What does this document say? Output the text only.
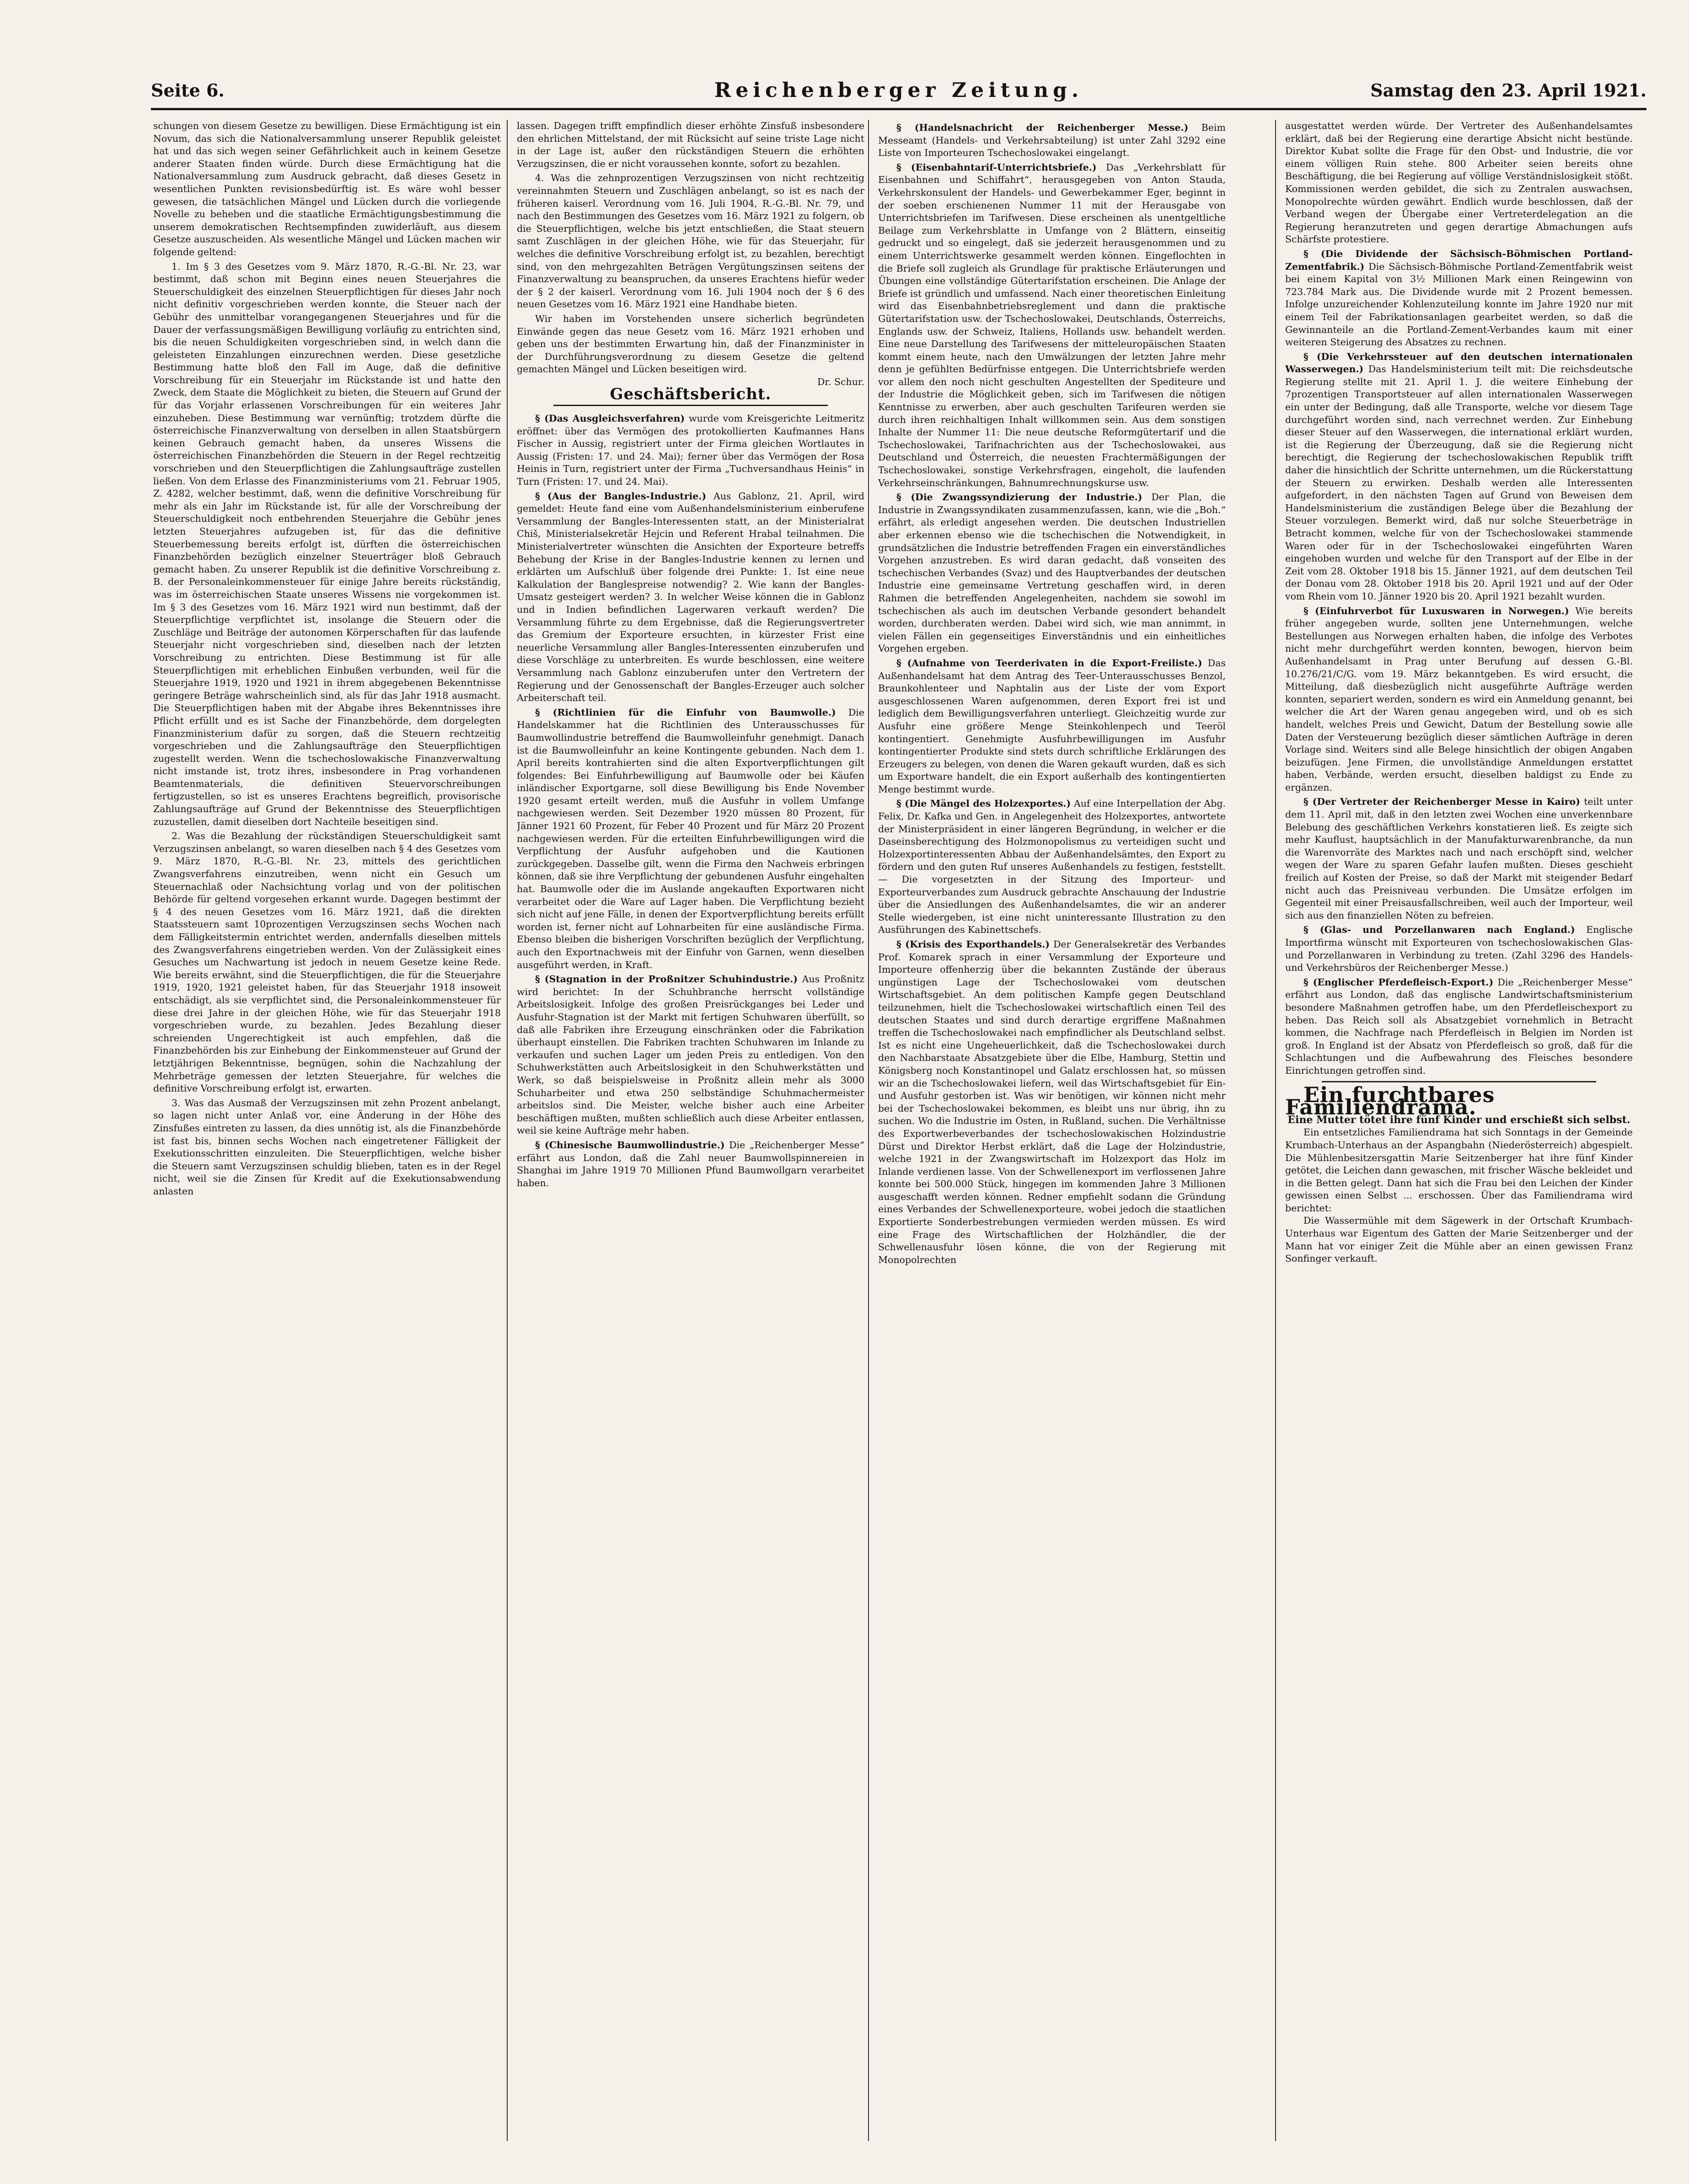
Reichenberger Zeitung.
Seite 6.	Samstag den 23. April 1921.

schungen von diesem Gesetze zu bewilligen. Diese Ermächtigung ist ein Novum, das sich die Nationalversammlung unserer Republik geleistet hat und das sich wegen seiner Gefährlichkeit auch in keinem Gesetze anderer Staaten finden würde. Durch diese Ermächtigung hat die Nationalversammlung zum Ausdruck gebracht, daß dieses Gesetz in wesentlichen Punkten revisionsbedürftig ist. Es wäre wohl besser gewesen, die tatsächlichen Mängel und Lücken durch die vorliegende Novelle zu beheben und die staatliche Ermächtigungsbestimmung die unserem demokratischen Rechtsempfinden zuwiderläuft, aus diesem Gesetze auszuscheiden. Als wesentliche Mängel und Lücken machen wir folgende geltend:

1. Im § 3 des Gesetzes vom 9. März 1870, R.-G.-Bl. Nr. 23, war bestimmt, daß schon mit Beginn eines neuen Steuerjahres die Steuerschuldigkeit des einzelnen Steuerpflichtigen für dieses Jahr noch nicht definitiv vorgeschrieben werden konnte, die Steuer nach der Gebühr des unmittelbar vorangegangenen Steuerjahres und für die Dauer der verfassungsmäßigen Bewilligung vorläufig zu entrichten sind, bis die neuen Schuldigkeiten vorgeschrieben sind, in welch dann die geleisteten Einzahlungen einzurechnen werden. Diese gesetzliche Bestimmung hatte bloß den Fall im Auge, daß die definitive Vorschreibung für ein Steuerjahr im Rückstande ist und hatte den Zweck, dem Staate die Möglichkeit zu bieten, die Steuern auf Grund der für das Vorjahr erlassenen Vorschreibungen für ein weiteres Jahr einzuheben. Diese Bestimmung war vernünftig; trotzdem dürfte die österreichische Finanzverwaltung von derselben in allen Staatsbürgern keinen Gebrauch gemacht haben, da unseres Wissens die österreichischen Finanzbehörden die Steuern in der Regel rechtzeitig vorschrieben und den Steuerpflichtigen die Zahlungsaufträge zustellen ließen. Von dem Erlasse des Finanzministeriums vom 21. Februar 1905, Z. 4282, welcher bestimmt, daß, wenn die definitive Vorschreibung für mehr als ein Jahr im Rückstande ist, für alle der Vorschreibung der Steuerschuldigkeit noch entbehrenden Steuerjahre die Gebühr jenes letzten Steuerjahres aufzugeben ist, für das die definitive Steuerbemessung bereits erfolgt ist, dürften die österreichischen Finanzbehörden bezüglich einzelner Steuerträger bloß Gebrauch gemacht haben. Zu unserer Republik ist die definitive Vorschreibung z. B. der Personaleinkommensteuer für einige Jahre bereits rückständig, was im österreichischen Staate unseres Wissens nie vorgekommen ist. Im § 3 des Gesetzes vom 16. März 1921 wird nun bestimmt, daß der Steuerpflichtige verpflichtet ist, insolange die Steuern oder die Zuschläge und Beiträge der autonomen Körperschaften für das laufende Steuerjahr nicht vorgeschrieben sind, dieselben nach der letzten Vorschreibung zu entrichten. Diese Bestimmung ist für alle Steuerpflichtigen mit erheblichen Einbußen verbunden, weil für die Steuerjahre 1919, 1920 und 1921 in ihrem abgegebenen Bekenntnisse geringere Beträge wahrscheinlich sind, als für das Jahr 1918 ausmacht. Die Steuerpflichtigen haben mit der Abgabe ihres Bekenntnisses ihre Pflicht erfüllt und es ist Sache der Finanzbehörde, dem dorgelegten Finanzministerium dafür zu sorgen, daß die Steuern rechtzeitig vorgeschrieben und die Zahlungsaufträge den Steuerpflichtigen zugestellt werden. Wenn die tschechoslowakische Finanzverwaltung nicht imstande ist, trotz ihres, insbesondere in Prag vorhandenen Beamtenmaterials, die definitiven Steuervorschreibungen fertigzustellen, so ist es unseres Erachtens begreiflich, provisorische Zahlungsaufträge auf Grund der Bekenntnisse des Steuerpflichtigen zuzustellen, damit dieselben dort Nachteile beseitigen sind.

2. Was die Bezahlung der rückständigen Steuerschuldigkeit samt Verzugszinsen anbelangt, so waren dieselben nach § 4 des Gesetzes vom 9. März 1870, R.-G.-Bl. Nr. 23, mittels des gerichtlichen Zwangsverfahrens einzutreiben, wenn nicht ein Gesuch um Steuernachlaß oder Nachsichtung vorlag und von der politischen Behörde für geltend vorgesehen erkannt wurde. Dagegen bestimmt der § 4 des neuen Gesetzes vom 16. März 1921, daß die direkten Staatssteuern samt 10prozentigen Verzugszinsen sechs Wochen nach dem Fälligkeitstermin entrichtet werden, andernfalls dieselben mittels des Zwangsverfahrens eingetrieben werden. Von der Zulässigkeit eines Gesuches um Nachwartung ist jedoch in neuem Gesetze keine Rede. Wie bereits erwähnt, sind die Steuerpflichtigen, die für die Steuerjahre 1919, 1920, 1921 geleistet haben, für das Steuerjahr 1918 insoweit entschädigt, als sie verpflichtet sind, die Personaleinkommensteuer für diese drei Jahre in der gleichen Höhe, wie für das Steuerjahr 1918 vorgeschrieben wurde, zu bezahlen. Jedes Bezahlung dieser schreienden Ungerechtigkeit ist auch empfehlen, daß die Finanzbehörden bis zur Einhebung der Einkommensteuer auf Grund der letztjährigen Bekenntnisse, begnügen, sohin die Nachzahlung der Mehrbeträge gemessen der letzten Steuerjahre, für welches die definitive Vorschreibung erfolgt ist, erwarten.

3. Was das Ausmaß der Verzugszinsen mit zehn Prozent anbelangt, so lagen nicht unter Anlaß vor, eine Änderung in der Höhe des Zinsfußes eintreten zu lassen, da dies unnötig ist, als die Finanzbehörde ist fast bis, binnen sechs Wochen nach eingetretener Fälligkeit der Exekutionsschritten einzuleiten. Die Steuerpflichtigen, welche bisher die Steuern samt Verzugszinsen schuldig blieben, taten es in der Regel nicht, weil sie die Zinsen für Kredit auf die Exekutionsabwendung anlasten

lassen. Dagegen trifft empfindlich dieser erhöhte Zinsfuß insbesondere den ehrlichen Mittelstand, der mit Rücksicht auf seine triste Lage nicht in der Lage ist, außer den rückständigen Steuern die erhöhten Verzugszinsen, die er nicht voraussehen konnte, sofort zu bezahlen.

4. Was die zehnprozentigen Verzugszinsen von nicht rechtzeitig vereinnahmten Steuern und Zuschlägen anbelangt, so ist es nach der früheren kaiserl. Verordnung vom 16. Juli 1904, R.-G.-Bl. Nr. 79, und nach den Bestimmungen des Gesetzes vom 16. März 1921 zu folgern, ob die Steuerpflichtigen, welche bis jetzt entschließen, die Staat steuern samt Zuschlägen in der gleichen Höhe, wie für das Steuerjahr, für welches die definitive Vorschreibung erfolgt ist, zu bezahlen, berechtigt sind, von den mehrgezahlten Beträgen Vergütungszinsen seitens der Finanzverwaltung zu beanspruchen, da unseres Erachtens hiefür weder der § 2 der kaiserl. Verordnung vom 16. Juli 1904 noch der § 6 des neuen Gesetzes vom 16. März 1921 eine Handhabe bieten.

Wir haben im Vorstehenden unsere sicherlich begründeten Einwände gegen das neue Gesetz vom 16. März 1921 erhoben und geben uns der bestimmten Erwartung hin, daß der Finanzminister in der Durchführungsverordnung zu diesem Gesetze die geltend gemachten Mängel und Lücken beseitigen wird.

Dr. Schur.

Geschäftsbericht.

§ (Das Ausgleichsverfahren) wurde vom Kreisgerichte Leitmeritz eröffnet: über das Vermögen des protokollierten Kaufmannes Hans Fischer in Aussig, registriert unter der Firma gleichen Wortlautes in Aussig (Fristen: 17. und 24. Mai); ferner über das Vermögen der Rosa Heinis in Turn, registriert unter der Firma „Tuchversandhaus Heinis“ in Turn (Fristen: 17. und 24. Mai).

§ (Aus der Bangles-Industrie.) Aus Gablonz, 21. April, wird gemeldet: Heute fand eine vom Außenhandelsministerium einberufene Versammlung der Bangles-Interessenten statt, an der Ministerialrat Chiš, Ministerialsekretär Hejcin und Referent Hrabal teilnahmen. Die Ministerialvertreter wünschten die Ansichten der Exporteure betreffs Behebung der Krise in der Bangles-Industrie kennen zu lernen und erklärten um Aufschluß über folgende drei Punkte: 1. Ist eine neue Kalkulation der Banglespreise notwendig? 2. Wie kann der Bangles-Umsatz gesteigert werden? 3. In welcher Weise können die in Gablonz und in Indien befindlichen Lagerwaren verkauft werden? Die Versammlung führte zu dem Ergebnisse, daß die Regierungsvertreter das Gremium der Exporteure ersuchten, in kürzester Frist eine neuerliche Versammlung aller Bangles-Interessenten einzuberufen und diese Vorschläge zu unterbreiten. Es wurde beschlossen, eine weitere Versammlung nach Gablonz einzuberufen unter den Vertretern der Regierung und der Genossenschaft der Bangles-Erzeuger auch solcher Arbeiterschaft teil.

§ (Richtlinien für die Einfuhr von Baumwolle.) Die Handelskammer hat die Richtlinien des Unterausschusses für Baumwollindustrie betreffend die Baumwolleinfuhr genehmigt. Danach ist die Baumwolleinfuhr an keine Kontingente gebunden. Nach dem 1. April bereits kontrahierten sind die alten Exportverpflichtungen gilt folgendes: Bei Einfuhrbewilligung auf Baumwolle oder bei Käufen inländischer Exportgarne, soll diese Bewilligung bis Ende November 1920 gesamt erteilt werden, muß die Ausfuhr in vollem Umfange nachgewiesen werden. Seit Dezember 1920 müssen 80 Prozent, für Jänner 1921 60 Prozent, für Feber 40 Prozent und für März 20 Prozent nachgewiesen werden. Für die erteilten Einfuhrbewilligungen wird die Verpflichtung der Ausfuhr aufgehoben und die Kautionen zurückgegeben. Dasselbe gilt, wenn die Firma den Nachweis erbringen können, daß sie ihre Verpflichtung der gebundenen Ausfuhr eingehalten hat. Baumwolle oder die im Auslande angekauften Exportwaren nicht verarbeitet oder die Ware auf Lager haben. Die Verpflichtung bezieht sich nicht auf jene Fälle, in denen der Exportverpflichtung bereits erfüllt worden ist, ferner nicht auf Lohnarbeiten für eine ausländische Firma. Ebenso bleiben die bisherigen Vorschriften bezüglich der Verpflichtung, auch den Exportnachweis mit der Einfuhr von Garnen, wenn dieselben ausgeführt werden, in Kraft.

§ (Stagnation in der Proßnitzer Schuhindustrie.) Aus Proßnitz wird berichtet: In der Schuhbranche herrscht vollständige Arbeitslosigkeit. Infolge des großen Preisrückganges bei Leder und Ausfuhr-Stagnation ist der Markt mit fertigen Schuhwaren überfüllt, so daß alle Fabriken ihre Erzeugung einschränken oder die Fabrikation überhaupt einstellen. Die Fabriken trachten Schuhwaren im Inlande zu verkaufen und suchen Lager um jeden Preis zu entledigen. Von den Schuhwerkstätten auch Arbeitslosigkeit in den Schuhwerkstätten und Werk, so daß beispielsweise in Proßnitz allein mehr als 3000 Schuharbeiter und etwa 250 selbständige Schuhmachermeister arbeitslos sind. Die Meister, welche bisher auch eine Arbeiter beschäftigen mußten, mußten schließlich auch diese Arbeiter entlassen, weil sie keine Aufträge mehr haben.

§ (Chinesische Baumwollindustrie.) Die „Reichenberger Messe“ erfährt aus London, daß die Zahl neuer Baumwollspinnereien in Shanghai im Jahre 1919 70 Millionen Pfund Baumwollgarn verarbeitet haben.

§ (Handelsnachricht der Reichenberger Messe.) Beim Messeamt (Handels- und Verkehrsabteilung) ist unter Zahl 3292 eine Liste von Importeuren Tschechoslowakei eingelangt.

§ (Eisenbahntarif-Unterrichtsbriefe.) Das „Verkehrsblatt für Eisenbahnen und Schiffahrt“, herausgegeben von Anton Stauda, Verkehrskonsulent der Handels- und Gewerbekammer Eger, beginnt in der soeben erschienenen Nummer 11 mit der Herausgabe von Unterrichtsbriefen im Tarifwesen. Diese erscheinen als unentgeltliche Beilage zum Verkehrsblatte in Umfange von 2 Blättern, einseitig gedruckt und so eingelegt, daß sie jederzeit herausgenommen und zu einem Unterrichtswerke gesammelt werden können. Eingeflochten in die Briefe soll zugleich als Grundlage für praktische Erläuterungen und Übungen eine vollständige Gütertarifstation erscheinen. Die Anlage der Briefe ist gründlich und umfassend. Nach einer theoretischen Einleitung wird das Eisenbahnbetriebsreglement und dann die praktische Gütertarifstation usw. der Tschechoslowakei, Deutschlands, Österreichs, Englands usw. der Schweiz, Italiens, Hollands usw. behandelt werden. Eine neue Darstellung des Tarifwesens der mitteleuropäischen Staaten kommt einem heute, nach den Umwälzungen der letzten Jahre mehr denn je gefühlten Bedürfnisse entgegen. Die Unterrichtsbriefe werden vor allem den noch nicht geschulten Angestellten der Spediteure und der Industrie die Möglichkeit geben, sich im Tarifwesen die nötigen Kenntnisse zu erwerben, aber auch geschulten Tarifeuren werden sie durch ihren reichhaltigen Inhalt willkommen sein. Aus dem sonstigen Inhalte der Nummer 11: Die neue deutsche Reformgütertarif und die Tschechoslowakei, Tarifnachrichten aus der Tschechoslowakei, aus Deutschland und Österreich, die neuesten Frachtermäßigungen der Tschechoslowakei, sonstige Verkehrsfragen, eingeholt, die laufenden Verkehrseinschränkungen, Bahnumrechnungskurse usw.

§ (Die Zwangssyndizierung der Industrie.) Der Plan, die Industrie in Zwangssyndikaten zusammenzufassen, kann, wie die „Boh.“ erfährt, als erledigt angesehen werden. Die deutschen Industriellen aber erkennen ebenso wie die tschechischen die Notwendigkeit, in grundsätzlichen die Industrie betreffenden Fragen ein einverständliches Vorgehen anzustreben. Es wird daran gedacht, daß vonseiten des tschechischen Verbandes (Svaz) und des Hauptverbandes der deutschen Industrie eine gemeinsame Vertretung geschaffen wird, in deren Rahmen die betreffenden Angelegenheiten, nachdem sie sowohl im tschechischen als auch im deutschen Verbande gesondert behandelt worden, durchberaten werden. Dabei wird sich, wie man annimmt, in vielen Fällen ein gegenseitiges Einverständnis und ein einheitliches Vorgehen ergeben.

§ (Aufnahme von Teerderivaten in die Export-Freiliste.) Das Außenhandelsamt hat dem Antrag des Teer-Unterausschusses Benzol, Braunkohlenteer und Naphtalin aus der Liste der vom Export ausgeschlossenen Waren aufgenommen, deren Export frei ist und lediglich dem Bewilligungsverfahren unterliegt. Gleichzeitig wurde zur Ausfuhr eine größere Menge Steinkohlenpech und Teeröl kontingentiert. Genehmigte Ausfuhrbewilligungen im Ausfuhr kontingentierter Produkte sind stets durch schriftliche Erklärungen des Erzeugers zu belegen, von denen die Waren gekauft wurden, daß es sich um Exportware handelt, die ein Export außerhalb des kontingentierten Menge bestimmt wurde.

§ (Die Mängel des Holzexportes.) Auf eine Interpellation der Abg. Felix, Dr. Kafka und Gen. in Angelegenheit des Holzexportes, antwortete der Ministerpräsident in einer längeren Begründung, in welcher er die Daseinsberechtigung des Holzmonopolismus zu verteidigen sucht und Holzexportinteressenten Abbau der Außenhandelsämtes, den Export zu fördern und den guten Ruf unseres Außenhandels zu festigen, feststellt. — Die vorgesetzten in der Sitzung des Importeur- und Exporteurverbandes zum Ausdruck gebrachte Anschauung der Industrie über die Ansiedlungen des Außenhandelsamtes, die wir an anderer Stelle wiedergeben, ist eine nicht uninteressante Illustration zu den Ausführungen des Kabinettschefs.

§ (Krisis des Exporthandels.) Der Generalsekretär des Verbandes Prof. Komarek sprach in einer Versammlung der Exporteure und Importeure offenherzig über die bekannten Zustände der überaus ungünstigen Lage der Tschechoslowakei vom deutschen Wirtschaftsgebiet. An dem politischen Kampfe gegen Deutschland teilzunehmen, hielt die Tschechoslowakei wirtschaftlich einen Teil des deutschen Staates und sind durch derartige ergriffene Maßnahmen treffen die Tschechoslowakei nach empfindlicher als Deutschland selbst. Ist es nicht eine Ungeheuerlichkeit, daß die Tschechoslowakei durch den Nachbarstaate Absatzgebiete über die Elbe, Hamburg, Stettin und Königsberg noch Konstantinopel und Galatz erschlossen hat, so müssen wir an die Tschechoslowakei liefern, weil das Wirtschaftsgebiet für Ein- und Ausfuhr gestorben ist. Was wir benötigen, wir können nicht mehr bei der Tschechoslowakei bekommen, es bleibt uns nur übrig, ihn zu suchen. Wo die Industrie im Osten, in Rußland, suchen. Die Verhältnisse des Exportwerbeverbandes der tschechoslowakischen Holzindustrie Dürst und Direktor Herbst erklärt, daß die Lage der Holzindustrie, welche 1921 in der Zwangswirtschaft im Holzexport das Holz im Inlande verdienen lasse. Von der Schwellenexport im verflossenen Jahre konnte bei 500.000 Stück, hingegen im kommenden Jahre 3 Millionen ausgeschafft werden können. Redner empfiehlt sodann die Gründung eines Verbandes der Schwellenexporteure, wobei jedoch die staatlichen Exportierte Sonderbestrebungen vermieden werden müssen. Es wird eine Frage des Wirtschaftlichen der Holzhändler, die der Schwellenausfuhr lösen könne, die von der Regierung mit Monopolrechten

ausgestattet werden würde. Der Vertreter des Außenhandelsamtes erklärt, daß bei der Regierung eine derartige Absicht nicht bestünde. Direktor Kubat sollte die Frage für den Obst- und Industrie, die vor einem völligen Ruin stehe. 800 Arbeiter seien bereits ohne Beschäftigung, die bei Regierung auf völlige Verständnislosigkeit stößt. Kommissionen werden gebildet, die sich zu Zentralen auswachsen, Monopolrechte würden gewährt. Endlich wurde beschlossen, daß der Verband wegen der Übergabe einer Vertreterdelegation an die Regierung heranzutreten und gegen derartige Abmachungen aufs Schärfste protestiere.

§ (Die Dividende der Sächsisch-Böhmischen Portland-Zementfabrik.) Die Sächsisch-Böhmische Portland-Zementfabrik weist bei einem Kapital von 3½ Millionen Mark einen Reingewinn von 723.784 Mark aus. Die Dividende wurde mit 2 Prozent bemessen. Infolge unzureichender Kohlenzuteilung konnte im Jahre 1920 nur mit einem Teil der Fabrikationsanlagen gearbeitet werden, so daß die Gewinnanteile an die Portland-Zement-Verbandes kaum mit einer weiteren Steigerung des Absatzes zu rechnen.

§ (Die Verkehrssteuer auf den deutschen internationalen Wasserwegen.) Das Handelsministerium teilt mit: Die reichsdeutsche Regierung stellte mit 21. April 1. J. die weitere Einhebung der 7prozentigen Transportsteuer auf allen internationalen Wasserwegen ein unter der Bedingung, daß alle Transporte, welche vor diesem Tage durchgeführt worden sind, nach verrechnet werden. Zur Einhebung dieser Steuer auf den Wasserwegen, die international erklärt wurden, ist die Regierung der Überzeugung, daß sie die Regierung nicht berechtigt, die Regierung der tschechoslowakischen Republik trifft daher die hinsichtlich der Schritte unternehmen, um die Rückerstattung der Steuern zu erwirken. Deshalb werden alle Interessenten aufgefordert, in den nächsten Tagen auf Grund von Beweisen dem Handelsministerium die zuständigen Belege über die Bezahlung der Steuer vorzulegen. Bemerkt wird, daß nur solche Steuerbeträge in Betracht kommen, welche für von der Tschechoslowakei stammende Waren oder für in der Tschechoslowakei eingeführten Waren eingehoben wurden und welche für den Transport auf der Elbe in der Zeit vom 28. Oktober 1918 bis 15. Jänner 1921, auf dem deutschen Teil der Donau vom 28. Oktober 1918 bis 20. April 1921 und auf der Oder vom Rhein vom 10. Jänner 1920 bis 20. April 1921 bezahlt wurden.

§ (Einfuhrverbot für Luxuswaren in Norwegen.) Wie bereits früher angegeben wurde, sollten jene Unternehmungen, welche Bestellungen aus Norwegen erhalten haben, die infolge des Verbotes nicht mehr durchgeführt werden konnten, bewogen, hiervon beim Außenhandelsamt in Prag unter Berufung auf dessen G.-Bl. 10.276/21/C/G. vom 19. März bekanntgeben. Es wird ersucht, die Mitteilung, daß diesbezüglich nicht ausgeführte Aufträge werden konnten, separiert werden, sondern es wird ein Anmeldung genannt, bei welcher die Art der Waren genau angegeben wird, und ob es sich handelt, welches Preis und Gewicht, Datum der Bestellung sowie alle Daten der Versteuerung bezüglich dieser sämtlichen Aufträge in deren Vorlage sind. Weiters sind alle Belege hinsichtlich der obigen Angaben beizufügen. Jene Firmen, die unvollständige Anmeldungen erstattet haben, Verbände, werden ersucht, dieselben baldigst zu Ende zu ergänzen.

§ (Der Vertreter der Reichenberger Messe in Kairo) teilt unter dem 11. April mit, daß in den letzten zwei Wochen eine unverkennbare Belebung des geschäftlichen Verkehrs konstatieren ließ. Es zeigte sich mehr Kauflust, hauptsächlich in der Manufakturwarenbranche, da nun die Warenvorräte des Marktes nach und nach erschöpft sind, welcher wegen der Ware zu sparen Gefahr laufen mußten. Dieses geschieht freilich auf Kosten der Preise, so daß der Markt mit steigender Bedarf nicht auch das Preisniveau verbunden. Die Umsätze erfolgen im Gegenteil mit einer Preisausfallschreiben, weil auch der Importeur, weil sich aus den finanziellen Nöten zu befreien.

§ (Glas- und Porzellanwaren nach England.) Englische Importfirma wünscht mit Exporteuren von tschechoslowakischen Glas- und Porzellanwaren in Verbindung zu treten. (Zahl 3296 des Handels- und Verkehrsbüros der Reichenberger Messe.)

§ (Englischer Pferdefleisch-Export.) Die „Reichenberger Messe“ erfährt aus London, daß das englische Landwirtschaftsministerium besondere Maßnahmen getroffen habe, um den Pferdefleischexport zu heben. Das Reich soll als Absatzgebiet vornehmlich in Betracht kommen, die Nachfrage nach Pferdefleisch in Belgien im Norden ist groß. In England ist der Absatz von Pferdefleisch so groß, daß für die Schlachtungen und die Aufbewahrung des Fleisches besondere Einrichtungen getroffen sind.

Ein furchtbares Familiendrama.

Eine Mutter tötet ihre fünf Kinder und erschießt sich selbst.

Ein entsetzliches Familiendrama hat sich Sonntags in der Gemeinde Krumbach-Unterhaus an der Aspangbahn (Niederösterreich) abgespielt. Die Mühlenbesitzersgattin Marie Seitzenberger hat ihre fünf Kinder getötet, die Leichen dann gewaschen, mit frischer Wäsche bekleidet und in die Betten gelegt. Dann hat sich die Frau bei den Leichen der Kinder gewissen einen Selbst ... erschossen. Über das Familiendrama wird berichtet:

Die Wassermühle mit dem Sägewerk in der Ortschaft Krumbach-Unterhaus war Eigentum des Gatten der Marie Seitzenberger und der Mann hat vor einiger Zeit die Mühle aber an einen gewissen Franz Sonfinger verkauft.
